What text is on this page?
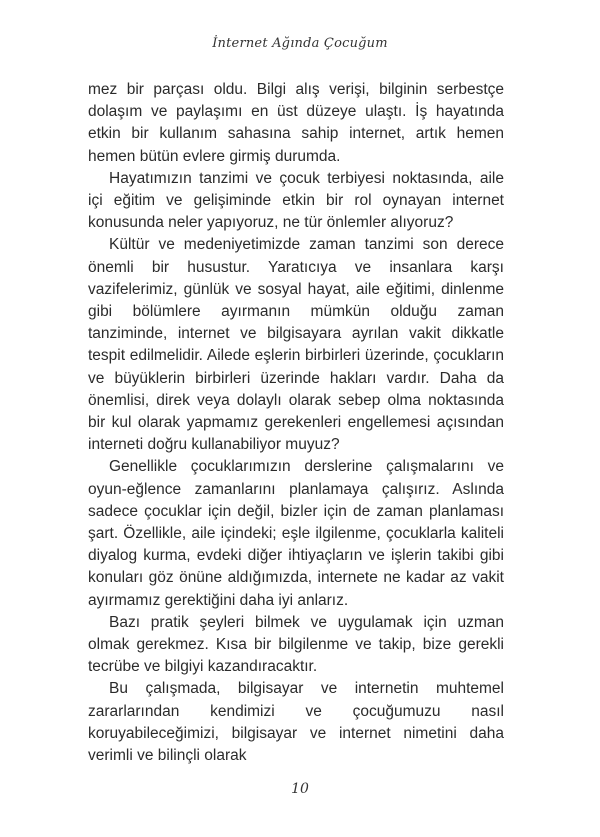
İnternet Ağında Çocuğum

mez bir parçası oldu. Bilgi alış verişi, bilginin serbestçe dolaşım ve paylaşımı en üst düzeye ulaştı. İş hayatında etkin bir kullanım sahasına sahip internet, artık hemen hemen bütün evlere girmiş durumda.

Hayatımızın tanzimi ve çocuk terbiyesi noktasında, aile içi eğitim ve gelişiminde etkin bir rol oynayan internet konusunda neler yapıyoruz, ne tür önlemler alıyoruz?

Kültür ve medeniyetimizde zaman tanzimi son derece önemli bir husustur. Yaratıcıya ve insanlara karşı vazifelerimiz, günlük ve sosyal hayat, aile eğitimi, dinlenme gibi bölümlere ayırmanın mümkün olduğu zaman tanziminde, internet ve bilgisayara ayrılan vakit dikkatle tespit edilmelidir. Ailede eşlerin birbirleri üzerinde, çocukların ve büyüklerin birbirleri üzerinde hakları vardır. Daha da önemlisi, direk veya dolaylı olarak sebep olma noktasında bir kul olarak yapmamız gerekenleri engellemesi açısından interneti doğru kullanabiliyor muyuz?

Genellikle çocuklarımızın derslerine çalışmalarını ve oyun-eğlence zamanlarını planlamaya çalışırız. Aslında sadece çocuklar için değil, bizler için de zaman planlaması şart. Özellikle, aile içindeki; eşle ilgilenme, çocuklarla kaliteli diyalog kurma, evdeki diğer ihtiyaçların ve işlerin takibi gibi konuları göz önüne aldığımızda, internete ne kadar az vakit ayırmamız gerektiğini daha iyi anlarız.

Bazı pratik şeyleri bilmek ve uygulamak için uzman olmak gerekmez. Kısa bir bilgilenme ve takip, bize gerekli tecrübe ve bilgiyi kazandıracaktır.

Bu çalışmada, bilgisayar ve internetin muhtemel zararlarından kendimizi ve çocuğumuzu nasıl koruyabileceğimizi, bilgisayar ve internet nimetini daha verimli ve bilinçli olarak

10
